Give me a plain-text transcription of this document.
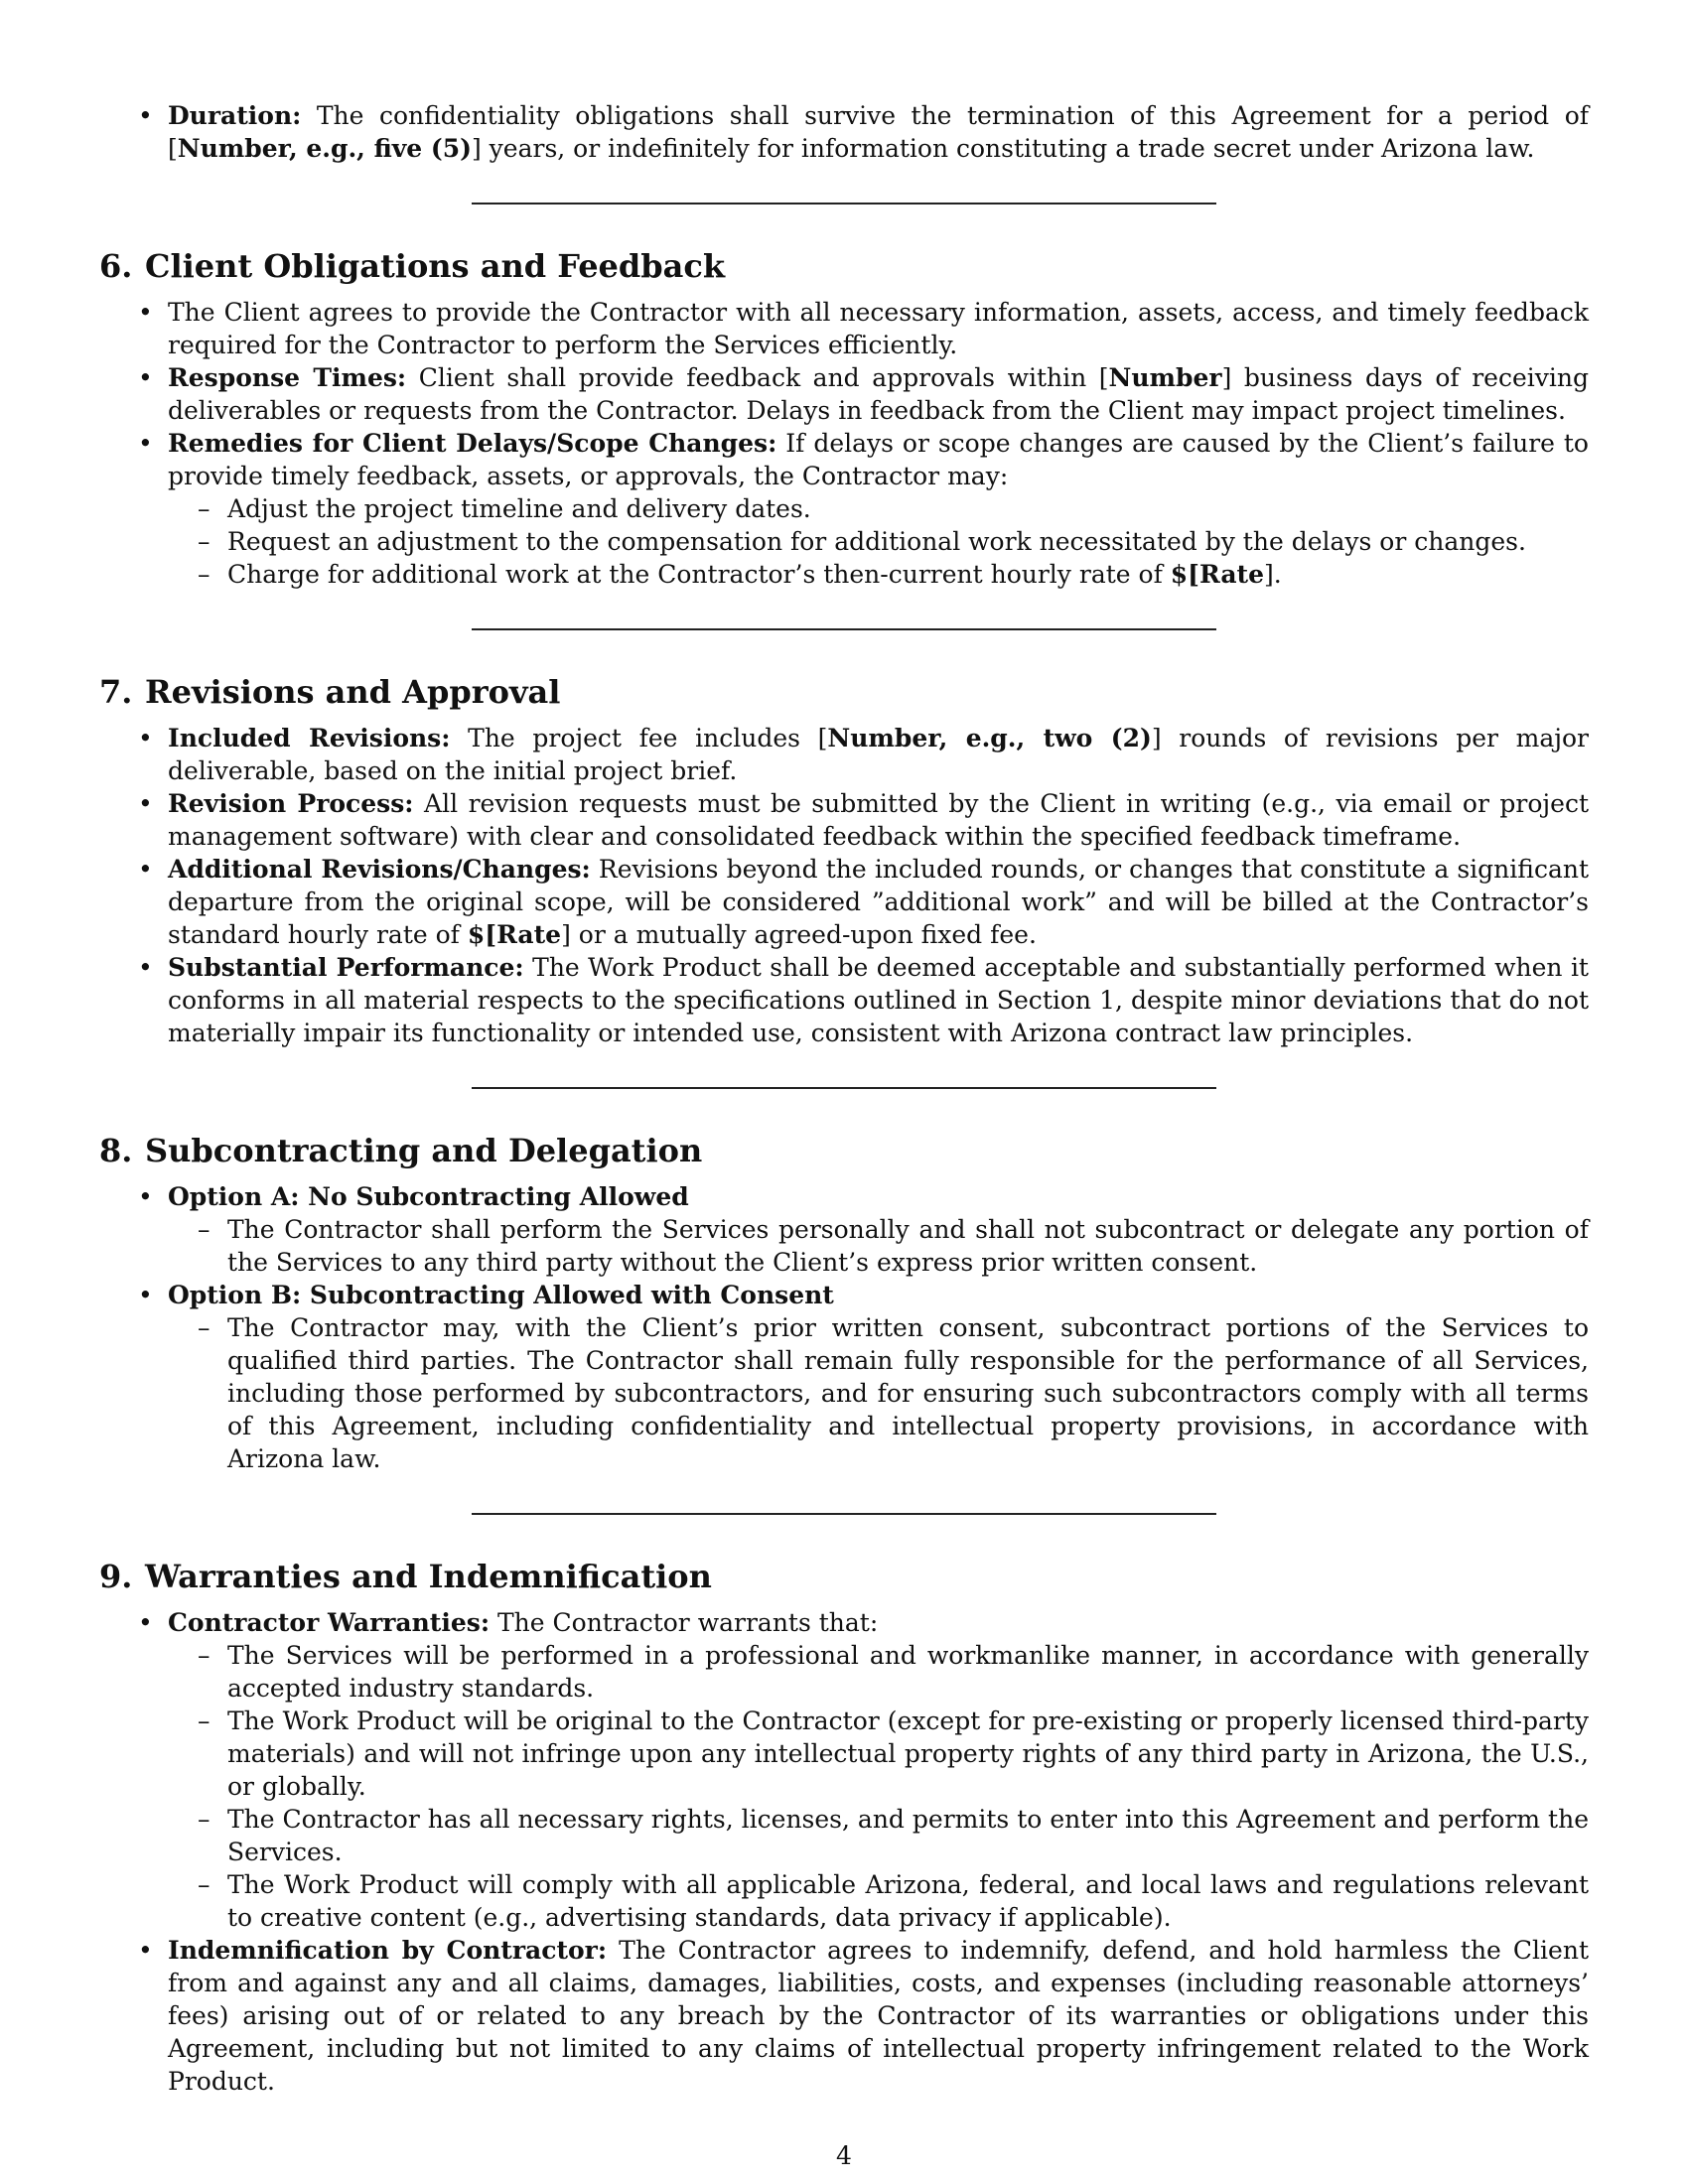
• Duration: The confidentiality obligations shall survive the termination of this Agreement for a period of [Number, e.g., five (5)] years, or indefinitely for information constituting a trade secret under Arizona law.
6. Client Obligations and Feedback
• The Client agrees to provide the Contractor with all necessary information, assets, access, and timely feedback required for the Contractor to perform the Services efficiently.
• Response Times: Client shall provide feedback and approvals within [Number] business days of receiving deliverables or requests from the Contractor. Delays in feedback from the Client may impact project timelines.
• Remedies for Client Delays/Scope Changes: If delays or scope changes are caused by the Client’s failure to provide timely feedback, assets, or approvals, the Contractor may:
– Adjust the project timeline and delivery dates.
– Request an adjustment to the compensation for additional work necessitated by the delays or changes.
– Charge for additional work at the Contractor’s then-current hourly rate of $[Rate].
7. Revisions and Approval
• Included Revisions: The project fee includes [Number, e.g., two (2)] rounds of revisions per major deliverable, based on the initial project brief.
• Revision Process: All revision requests must be submitted by the Client in writing (e.g., via email or project management software) with clear and consolidated feedback within the specified feedback timeframe.
• Additional Revisions/Changes: Revisions beyond the included rounds, or changes that constitute a significant departure from the original scope, will be considered ”additional work” and will be billed at the Contractor’s standard hourly rate of $[Rate] or a mutually agreed-upon fixed fee.
• Substantial Performance: The Work Product shall be deemed acceptable and substantially performed when it conforms in all material respects to the specifications outlined in Section 1, despite minor deviations that do not materially impair its functionality or intended use, consistent with Arizona contract law principles.
8. Subcontracting and Delegation
• Option A: No Subcontracting Allowed
– The Contractor shall perform the Services personally and shall not subcontract or delegate any portion of the Services to any third party without the Client’s express prior written consent.
• Option B: Subcontracting Allowed with Consent
– The Contractor may, with the Client’s prior written consent, subcontract portions of the Services to qualified third parties. The Contractor shall remain fully responsible for the performance of all Services, including those performed by subcontractors, and for ensuring such subcontractors comply with all terms of this Agreement, including confidentiality and intellectual property provisions, in accordance with Arizona law.
9. Warranties and Indemnification
• Contractor Warranties: The Contractor warrants that:
– The Services will be performed in a professional and workmanlike manner, in accordance with generally accepted industry standards.
– The Work Product will be original to the Contractor (except for pre-existing or properly licensed third-party materials) and will not infringe upon any intellectual property rights of any third party in Arizona, the U.S., or globally.
– The Contractor has all necessary rights, licenses, and permits to enter into this Agreement and perform the Services.
– The Work Product will comply with all applicable Arizona, federal, and local laws and regulations relevant to creative content (e.g., advertising standards, data privacy if applicable).
• Indemnification by Contractor: The Contractor agrees to indemnify, defend, and hold harmless the Client from and against any and all claims, damages, liabilities, costs, and expenses (including reasonable attorneys’ fees) arising out of or related to any breach by the Contractor of its warranties or obligations under this Agreement, including but not limited to any claims of intellectual property infringement related to the Work Product.
4
